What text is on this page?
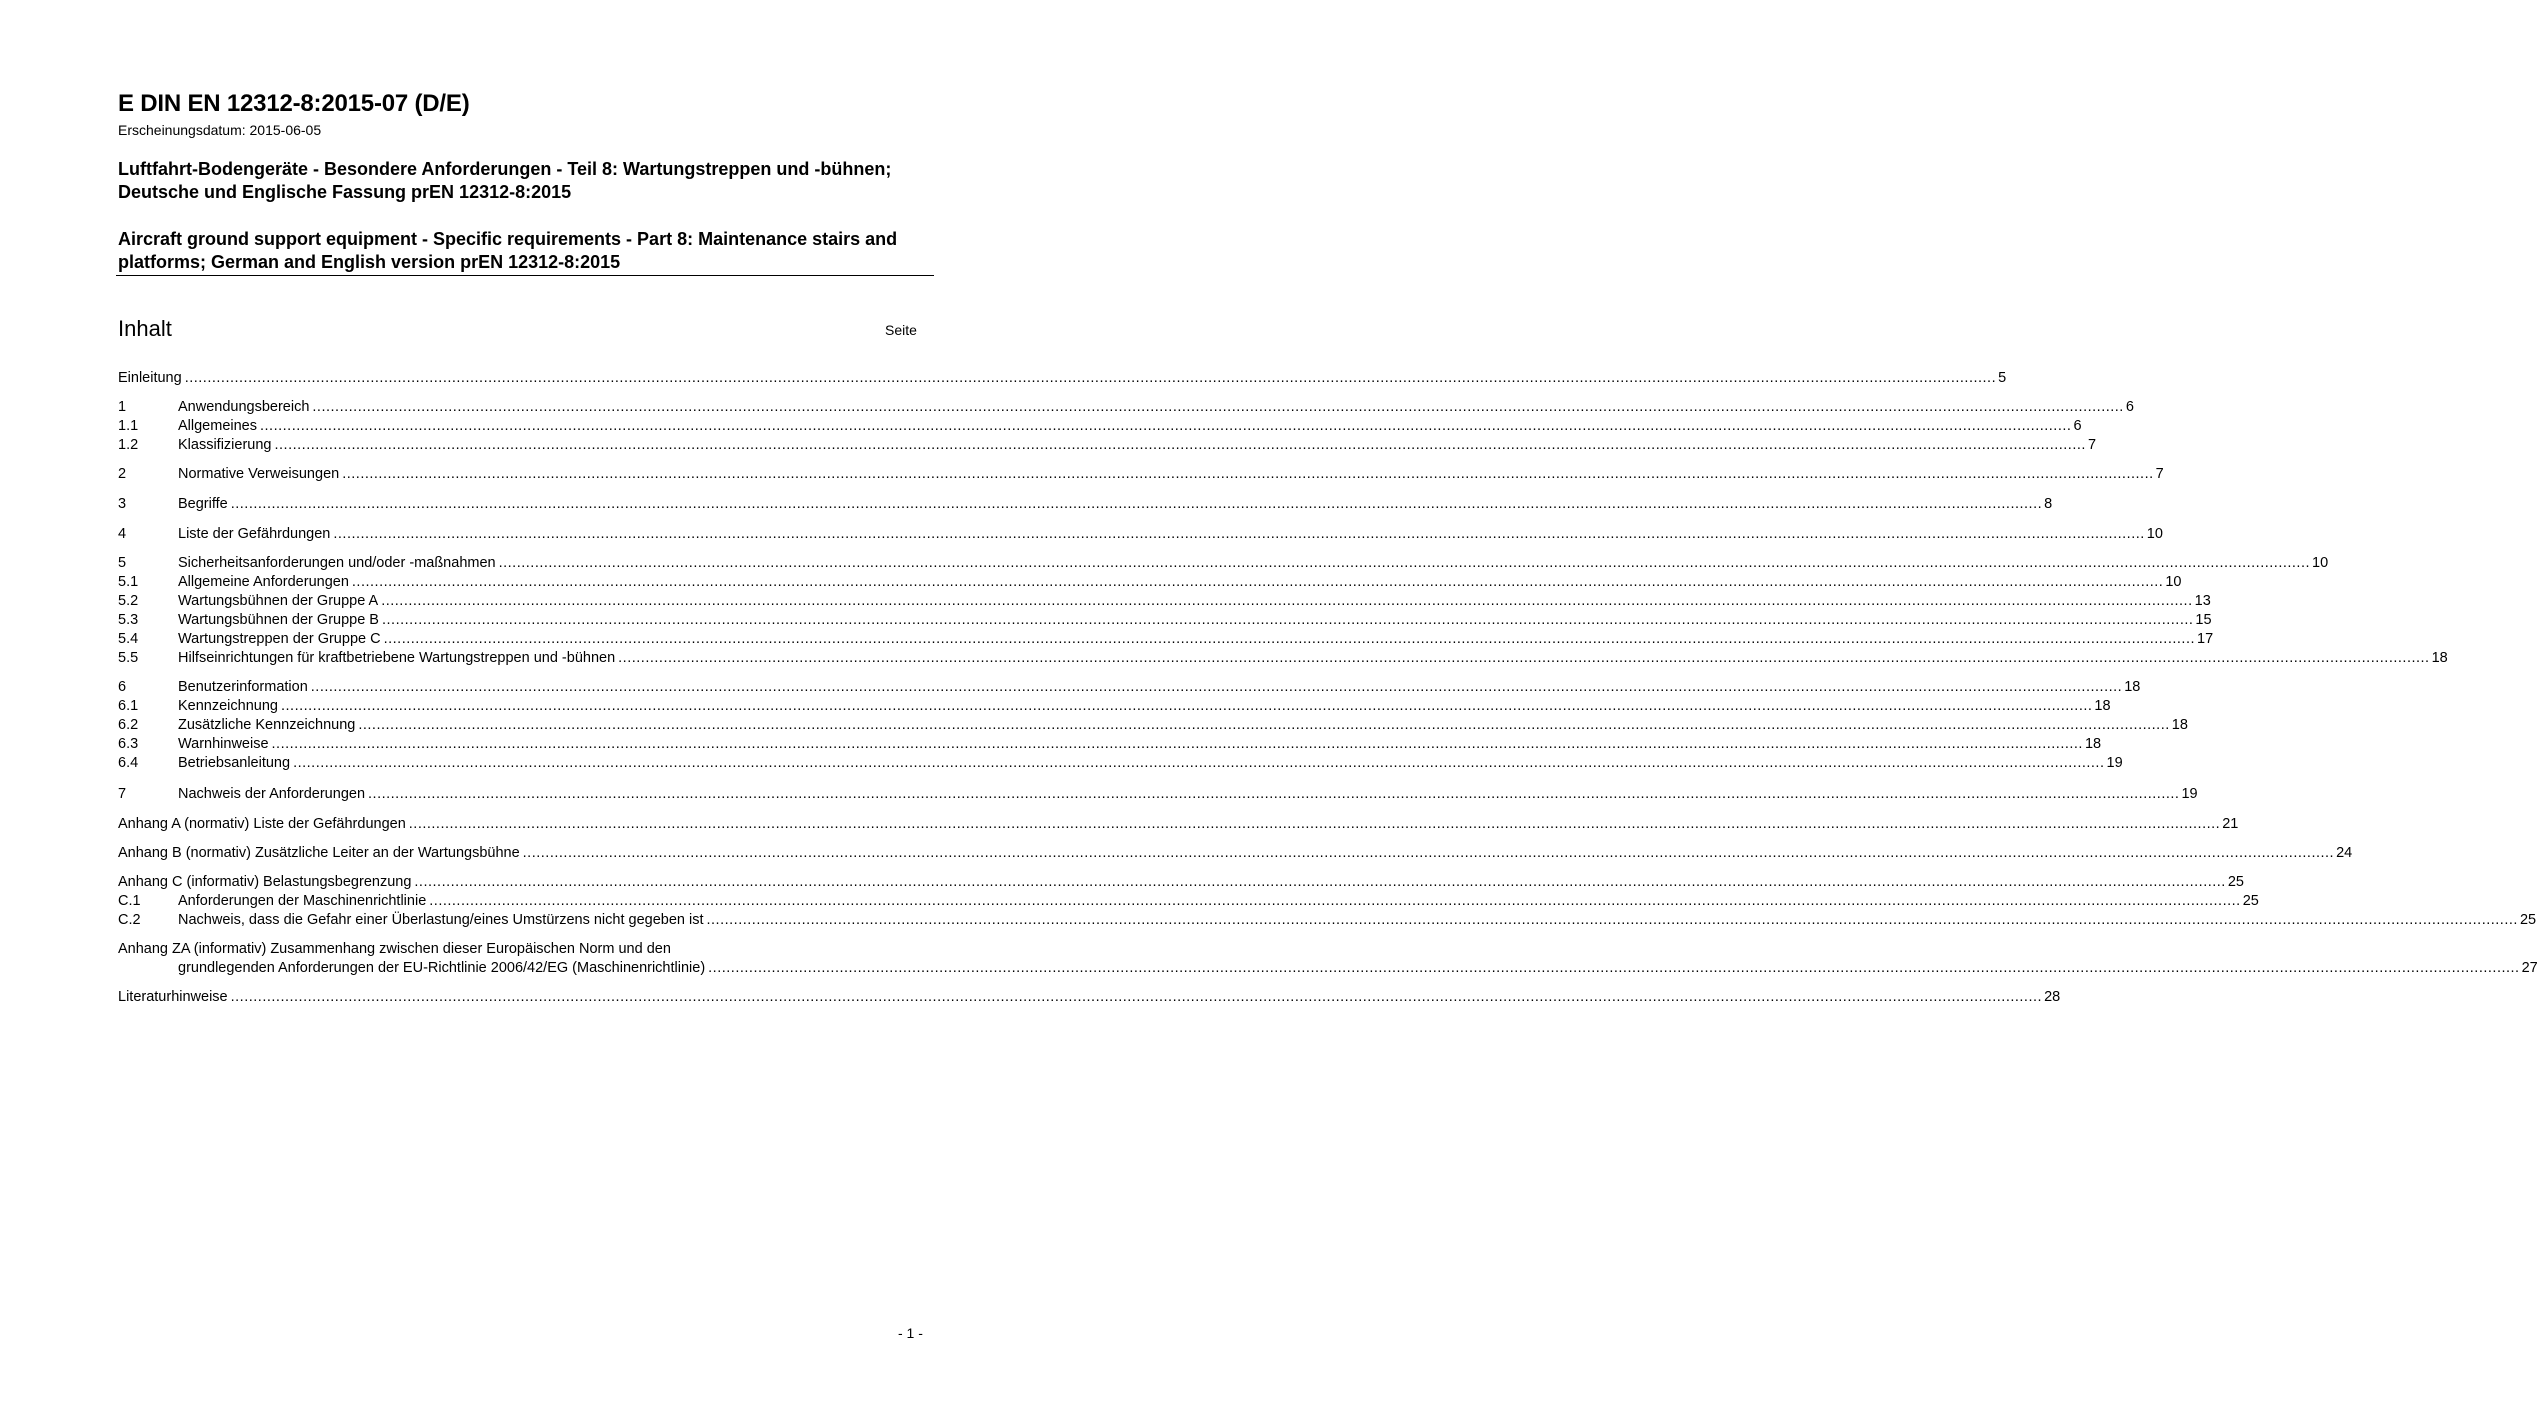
E DIN EN 12312-8:2015-07 (D/E)
Erscheinungsdatum: 2015-06-05
Luftfahrt-Bodengeräte - Besondere Anforderungen - Teil 8: Wartungstreppen und -bühnen; Deutsche und Englische Fassung prEN 12312-8:2015
Aircraft ground support equipment - Specific requirements - Part 8: Maintenance stairs and platforms; German and English version prEN 12312-8:2015
Inhalt	Seite
Einleitung ................................................................................................................................................................................................................................................................................................................................................................................................................ 5
1	Anwendungsbereich ................................................................................................................................................................................................................................................................................................................................................................................................................ 6
1.1	Allgemeines ................................................................................................................................................................................................................................................................................................................................................................................................................ 6
1.2	Klassifizierung ................................................................................................................................................................................................................................................................................................................................................................................................................ 7
2	Normative Verweisungen ................................................................................................................................................................................................................................................................................................................................................................................................................ 7
3	Begriffe ................................................................................................................................................................................................................................................................................................................................................................................................................ 8
4	Liste der Gefährdungen ................................................................................................................................................................................................................................................................................................................................................................................................................ 10
5	Sicherheitsanforderungen und/oder -maßnahmen ................................................................................................................................................................................................................................................................................................................................................................................................................ 10
5.1	Allgemeine Anforderungen ................................................................................................................................................................................................................................................................................................................................................................................................................ 10
5.2	Wartungsbühnen der Gruppe A ................................................................................................................................................................................................................................................................................................................................................................................................................ 13
5.3	Wartungsbühnen der Gruppe B ................................................................................................................................................................................................................................................................................................................................................................................................................ 15
5.4	Wartungstreppen der Gruppe C ................................................................................................................................................................................................................................................................................................................................................................................................................ 17
5.5	Hilfseinrichtungen für kraftbetriebene Wartungstreppen und -bühnen ................................................................................................................................................................................................................................................................................................................................................................................................................ 18
6	Benutzerinformation ................................................................................................................................................................................................................................................................................................................................................................................................................ 18
6.1	Kennzeichnung ................................................................................................................................................................................................................................................................................................................................................................................................................ 18
6.2	Zusätzliche Kennzeichnung ................................................................................................................................................................................................................................................................................................................................................................................................................ 18
6.3	Warnhinweise ................................................................................................................................................................................................................................................................................................................................................................................................................ 18
6.4	Betriebsanleitung ................................................................................................................................................................................................................................................................................................................................................................................................................ 19
7	Nachweis der Anforderungen ................................................................................................................................................................................................................................................................................................................................................................................................................ 19
Anhang A (normativ) Liste der Gefährdungen ................................................................................................................................................................................................................................................................................................................................................................................................................ 21
Anhang B (normativ) Zusätzliche Leiter an der Wartungsbühne ................................................................................................................................................................................................................................................................................................................................................................................................................ 24
Anhang C (informativ) Belastungsbegrenzung ................................................................................................................................................................................................................................................................................................................................................................................................................ 25
C.1	Anforderungen der Maschinenrichtlinie ................................................................................................................................................................................................................................................................................................................................................................................................................ 25
C.2	Nachweis, dass die Gefahr einer Überlastung/eines Umstürzens nicht gegeben ist ................................................................................................................................................................................................................................................................................................................................................................................................................ 25
Anhang ZA (informativ) Zusammenhang zwischen dieser Europäischen Norm und den
grundlegenden Anforderungen der EU-Richtlinie 2006/42/EG (Maschinenrichtlinie) ................................................................................................................................................................................................................................................................................................................................................................................................................ 27
Literaturhinweise ................................................................................................................................................................................................................................................................................................................................................................................................................ 28
- 1 -
